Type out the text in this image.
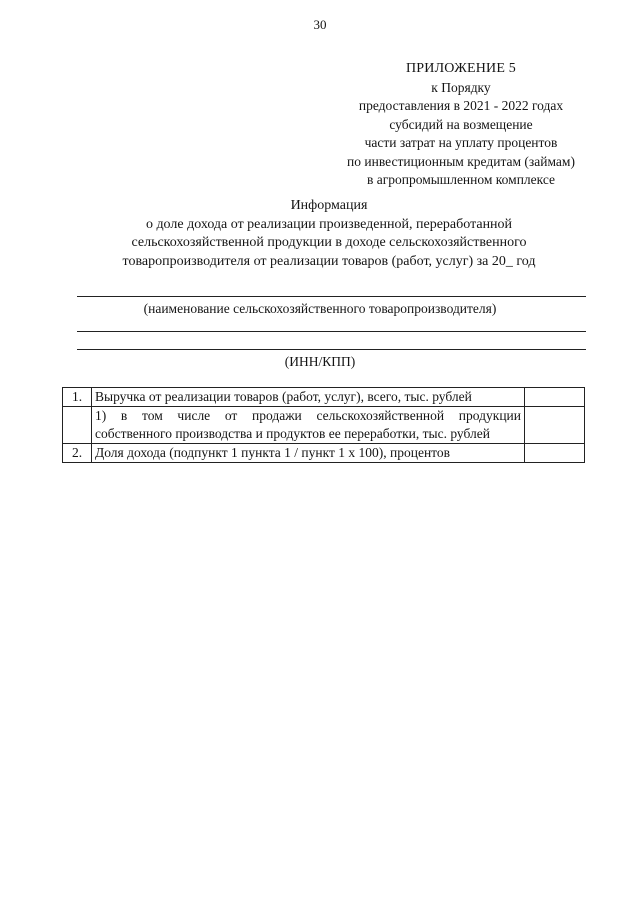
30
ПРИЛОЖЕНИЕ 5
к Порядку
предоставления в 2021 - 2022 годах
субсидий на возмещение
части затрат на уплату процентов
по инвестиционным кредитам (займам)
в агропромышленном комплексе
Информация
о доле дохода от реализации произведенной, переработанной
сельскохозяйственной продукции в доходе сельскохозяйственного
товаропроизводителя от реализации товаров (работ, услуг) за 20_ год
(наименование сельскохозяйственного товаропроизводителя)
(ИНН/КПП)
1.	Выручка от реализации товаров (работ, услуг), всего, тыс. рублей	
	1) в том числе от продажи сельскохозяйственной продукции собственного производства и продуктов ее переработки, тыс. рублей	
2.	Доля дохода (подпункт 1 пункта 1 / пункт 1 x 100), процентов	
